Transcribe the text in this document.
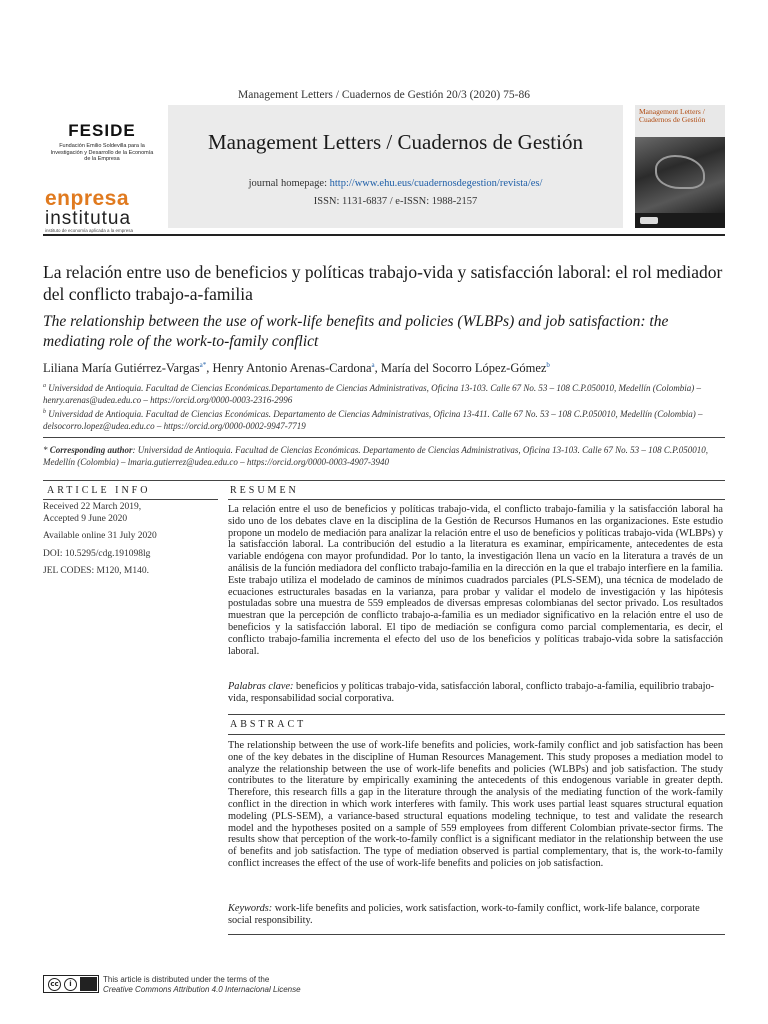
Management Letters / Cuadernos de Gestión 20/3 (2020) 75-86
FESIDE
Fundación Emilio Soldevilla para la Investigación y Desarrollo de la Economía de la Empresa
enpresa
institutua
instituto de economía aplicada a la empresa
Management Letters / Cuadernos de Gestión
journal homepage: http://www.ehu.eus/cuadernosdegestion/revista/es/
ISSN: 1131-6837 / e-ISSN: 1988-2157
Management Letters / Cuadernos de Gestión
La relación entre uso de beneficios y políticas trabajo-vida y satisfacción laboral: el rol mediador del conflicto trabajo-a-familia
The relationship between the use of work-life benefits and policies (WLBPs) and job satisfaction: the mediating role of the work-to-family conflict
Liliana María Gutiérrez-Vargas$^{a*}$, Henry Antonio Arenas-Cardona$^a$, María del Socorro López-Gómez$^b$
$^a$ Universidad de Antioquia. Facultad de Ciencias Económicas.Departamento de Ciencias Administrativas, Oficina 13-103. Calle 67 No. 53 – 108 C.P.050010, Medellín (Colombia) – henry.arenas@udea.edu.co – https://orcid.org/0000-0003-2316-2996
$^b$ Universidad de Antioquia. Facultad de Ciencias Económicas. Departamento de Ciencias Administrativas, Oficina 13-411. Calle 67 No. 53 – 108 C.P.050010, Medellín (Colombia) – delsocorro.lopez@udea.edu.co – https://orcid.org/0000-0002-9947-7719
* Corresponding author: Universidad de Antioquia. Facultad de Ciencias Económicas. Departamento de Ciencias Administrativas, Oficina 13-103. Calle 67 No. 53 – 108 C.P.050010, Medellín (Colombia) – lmaria.gutierrez@udea.edu.co – https://orcid.org/0000-0003-4907-3940
ARTICLE INFO
Received 22 March 2019,
Accepted 9 June 2020
Available online 31 July 2020
DOI: 10.5295/cdg.191098lg
JEL CODES: M120, M140.
RESUMEN
La relación entre el uso de beneficios y políticas trabajo-vida, el conflicto trabajo-familia y la satisfacción laboral ha sido uno de los debates clave en la disciplina de la Gestión de Recursos Humanos en las organizaciones. Este estudio propone un modelo de mediación para analizar la relación entre el uso de beneficios y políticas trabajo-vida (WLBPs) y la satisfacción laboral. La contribución del estudio a la literatura es examinar, empíricamente, antecedentes de esta variable endógena con mayor profundidad. Por lo tanto, la investigación llena un vacío en la literatura a través de un análisis de la función mediadora del conflicto trabajo-familia en la dirección en la que el trabajo interfiere en la familia. Este trabajo utiliza el modelado de caminos de mínimos cuadrados parciales (PLS-SEM), una técnica de modelado de ecuaciones estructurales basadas en la varianza, para probar y validar el modelo de investigación y las hipótesis postuladas sobre una muestra de 559 empleados de diversas empresas colombianas del sector privado. Los resultados muestran que la percepción de conflicto trabajo-a-familia es un mediador significativo en la relación entre el uso de beneficios y la satisfacción laboral. El tipo de mediación se configura como parcial complementaria, es decir, el conflicto trabajo-familia incrementa el efecto del uso de los beneficios y políticas trabajo-vida sobre la satisfacción laboral.
Palabras clave: beneficios y políticas trabajo-vida, satisfacción laboral, conflicto trabajo-a-familia, equilibrio trabajo-vida, responsabilidad social corporativa.
ABSTRACT
The relationship between the use of work-life benefits and policies, work-family conflict and job satisfaction has been one of the key debates in the discipline of Human Resources Management. This study proposes a mediation model to analyze the relationship between the use of work-life benefits and policies (WLBPs) and job satisfaction. The study contributes to the literature by empirically examining the antecedents of this endogenous variable in greater depth. Therefore, this research fills a gap in the literature through the analysis of the mediating function of the work-family conflict in the direction in which work interferes with family. This work uses partial least squares structural equation modeling (PLS-SEM), a variance-based structural equations modeling technique, to test and validate the research model and the hypotheses posited on a sample of 559 employees from different Colombian private-sector firms. The results show that perception of the work-to-family conflict is a significant mediator in the relationship between the use of benefits and job satisfaction. The type of mediation observed is partial complementary, that is, the work-to-family conflict increases the effect of the use of work-life benefits and policies on job satisfaction.
Keywords: work-life benefits and policies, work satisfaction, work-to-family conflict, work-life balance, corporate social responsibility.
cc	i	This article is distributed under the terms of the
Creative Commons Attribution 4.0 Internacional License
